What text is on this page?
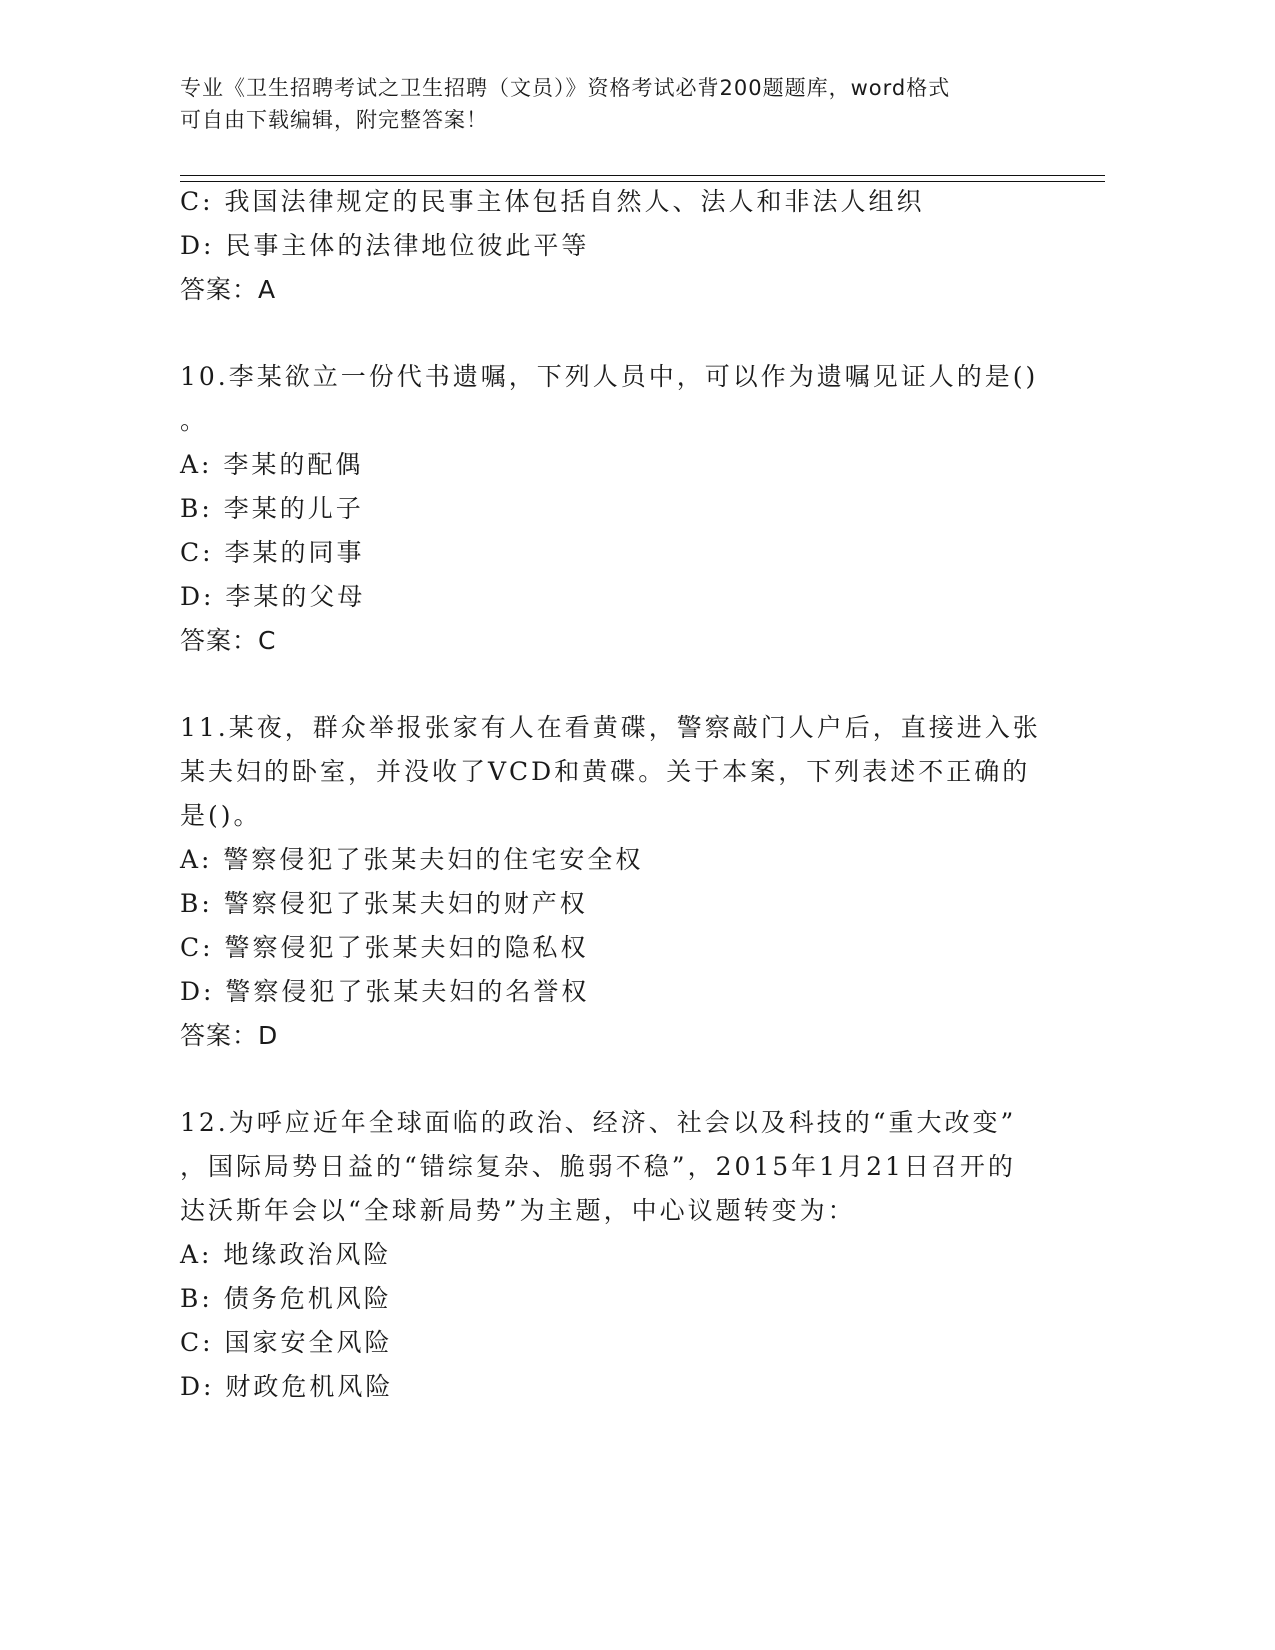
专业《卫生招聘考试之卫生招聘（文员）》资格考试必背200题题库，word格式

可自由下载编辑，附完整答案！

C: 我国法律规定的民事主体包括自然人、法人和非法人组织

D: 民事主体的法律地位彼此平等

答案：A

10.李某欲立一份代书遗嘱，下列人员中，可以作为遗嘱见证人的是()

。

A: 李某的配偶

B: 李某的儿子

C: 李某的同事

D: 李某的父母

答案：C

11.某夜，群众举报张家有人在看黄碟，警察敲门人户后，直接进入张

某夫妇的卧室，并没收了VCD和黄碟。关于本案，下列表述不正确的

是()。

A: 警察侵犯了张某夫妇的住宅安全权

B: 警察侵犯了张某夫妇的财产权

C: 警察侵犯了张某夫妇的隐私权

D: 警察侵犯了张某夫妇的名誉权

答案：D

12.为呼应近年全球面临的政治、经济、社会以及科技的“重大改变”

，国际局势日益的“错综复杂、脆弱不稳”，2015年1月21日召开的

达沃斯年会以“全球新局势”为主题，中心议题转变为：

A: 地缘政治风险

B: 债务危机风险

C: 国家安全风险

D: 财政危机风险
